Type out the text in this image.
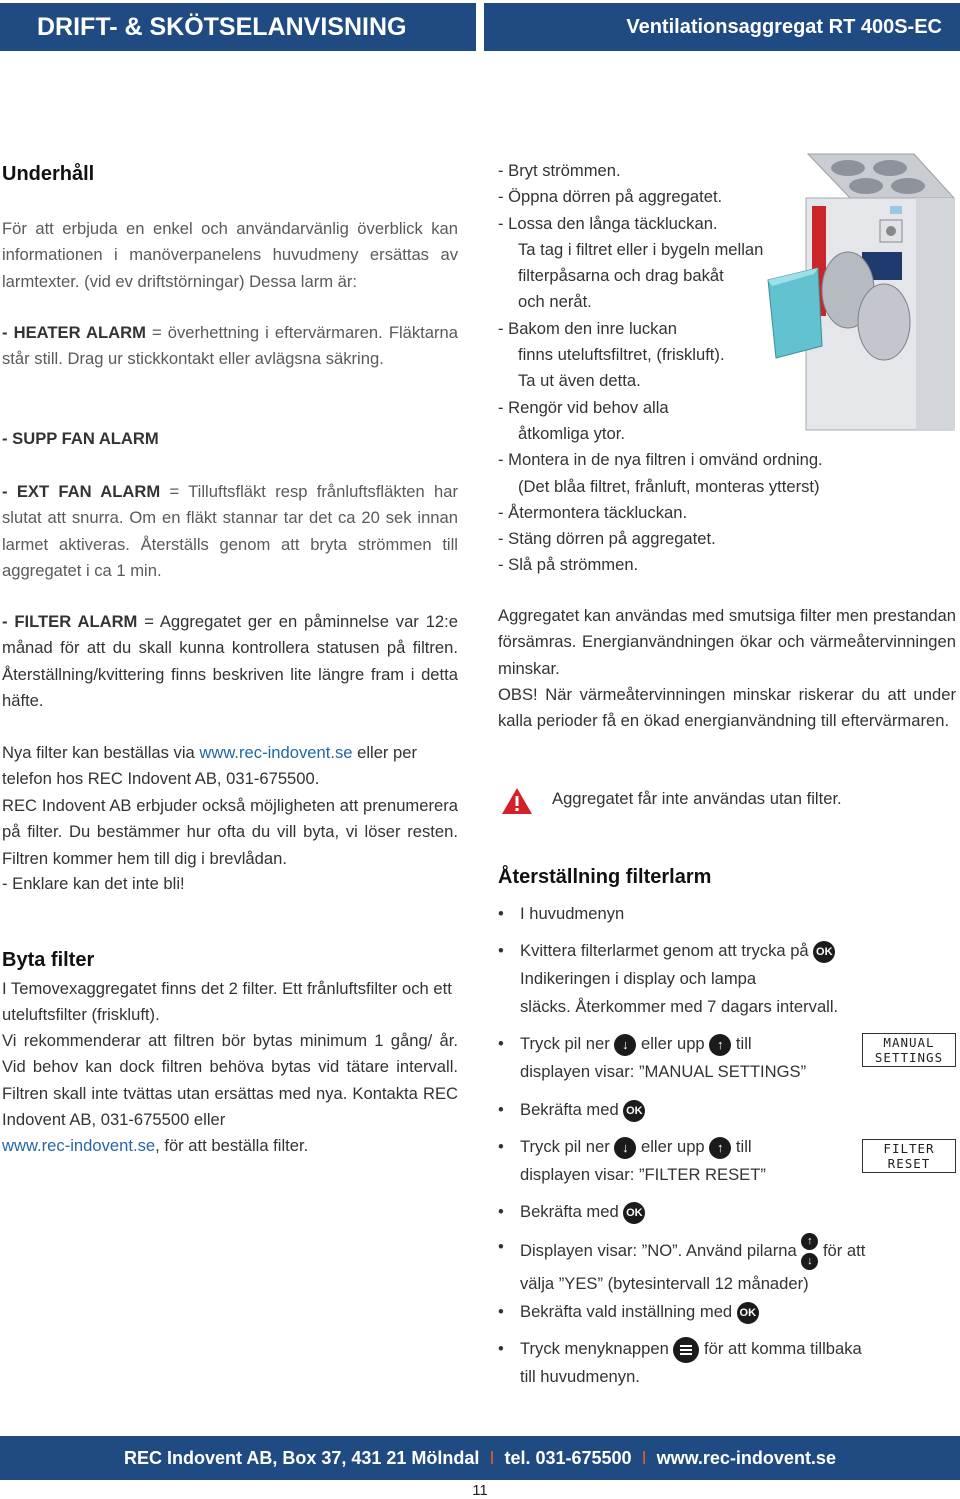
DRIFT- & SKÖTSELANVISNING	Ventilationsaggregat RT 400S-EC
Underhåll

För att erbjuda en enkel och användarvänlig överblick kan informationen i manöverpanelens huvudmeny ersättas av larmtexter. (vid ev driftstörningar) Dessa larm är:

- HEATER ALARM = överhettning i eftervärmaren. Fläktarna står still. Drag ur stickkontakt eller avlägsna säkring.

- SUPP FAN ALARM

- EXT FAN ALARM = Tilluftsfläkt resp frånluftsfläkten har slutat att snurra. Om en fläkt stannar tar det ca 20 sek innan larmet aktiveras. Återställs genom att bryta strömmen till aggregatet i ca 1 min.

- FILTER ALARM = Aggregatet ger en påminnelse var 12:e månad för att du skall kunna kontrollera statusen på filtren. Återställning/kvittering finns beskriven lite längre fram i detta häfte.

Nya filter kan beställas via www.rec-indovent.se eller per telefon hos REC Indovent AB, 031-675500.

REC Indovent AB erbjuder också möjligheten att prenumerera på filter. Du bestämmer hur ofta du vill byta, vi löser resten. Filtren kommer hem till dig i brevlådan.

- Enklare kan det inte bli!

Byta filter

I Temovexaggregatet finns det 2 filter. Ett frånluftsfilter och ett uteluftsfilter (friskluft).

Vi rekommenderar att filtren bör bytas minimum 1 gång/ år. Vid behov kan dock filtren behöva bytas vid tätare intervall. Filtren skall inte tvättas utan ersättas med nya. Kontakta REC Indovent AB, 031-675500 eller
www.rec-indovent.se, för att beställa filter.

- Bryt strömmen.
- Öppna dörren på aggregatet.
- Lossa den långa täckluckan.
Ta tag i filtret eller i bygeln mellan
filterpåsarna och drag bakåt
och neråt.
- Bakom den inre luckan
finns uteluftsfiltret, (friskluft).
Ta ut även detta.
- Rengör vid behov alla
åtkomliga ytor.
- Montera in de nya filtren i omvänd ordning.
(Det blåa filtret, frånluft, monteras ytterst)
- Återmontera täckluckan.
- Stäng dörren på aggregatet.
- Slå på strömmen.

Aggregatet kan användas med smutsiga filter men prestandan försämras. Energianvändningen ökar och värmeåtervinningen minskar.

OBS! När värmeåtervinningen minskar riskerar du att under kalla perioder få en ökad energianvändning till eftervärmaren.

Aggregatet får inte användas utan filter.

Återställning filterlarm
• I huvudmenyn
• Kvittera filterlarmet genom att trycka på OK
Indikeringen i display och lampa
släcks. Återkommer med 7 dagars intervall.
• Tryck pil ner ↓ eller upp ↑ till
displayen visar: ”MANUAL SETTINGS”
MANUAL
SETTINGS
• Bekräfta med OK
• Tryck pil ner ↓ eller upp ↑ till
displayen visar: ”FILTER RESET”
FILTER
RESET
• Bekräfta med OK
• Displayen visar: ”NO”. Använd pilarna ↑
↓
för att
välja ”YES” (bytesintervall 12 månader)
• Bekräfta vald inställning med OK
• Tryck menyknappen för att komma tillbaka
till huvudmenyn.
REC Indovent AB, Box 37, 431 21 Mölndal I tel. 031-675500 I www.rec-indovent.se
11
